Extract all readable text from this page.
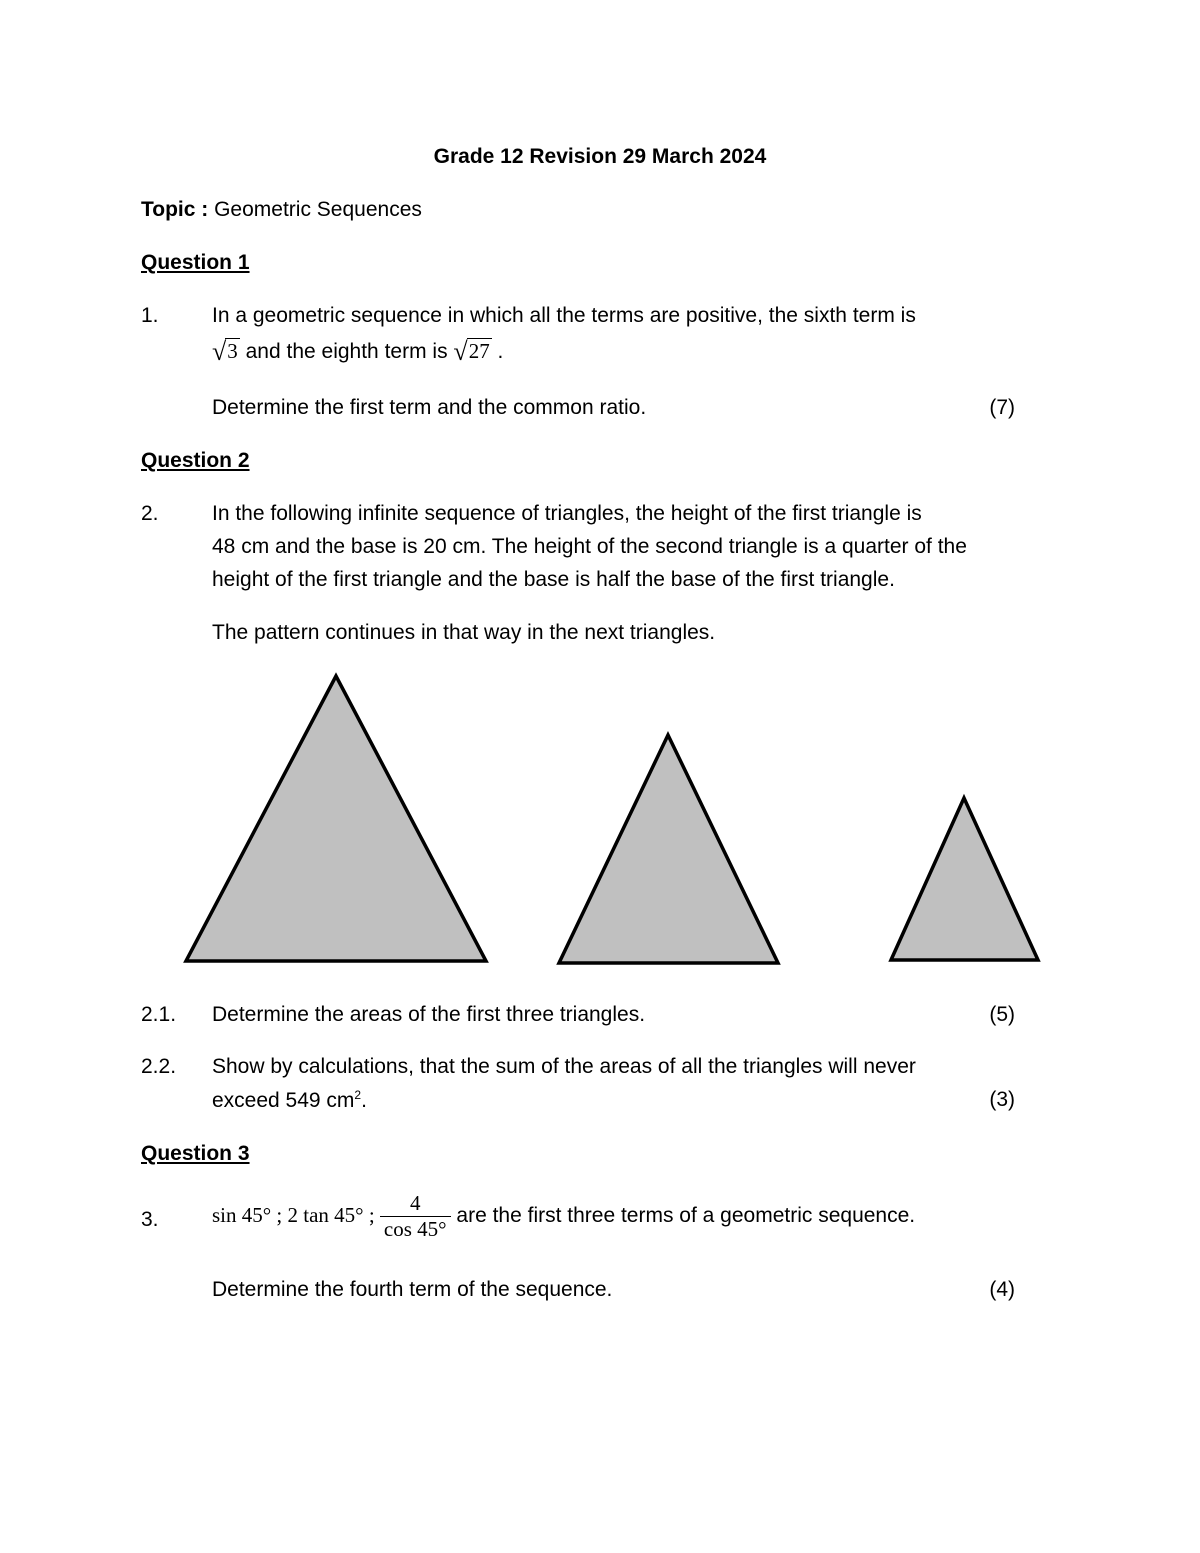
Grade 12 Revision 29 March 2024
Topic : Geometric Sequences
Question 1
1.	In a geometric sequence in which all the terms are positive, the sixth term is
√3 and the eighth term is √27 .
Determine the first term and the common ratio.	(7)
Question 2
2.	In the following infinite sequence of triangles, the height of the first triangle is
48 cm and the base is 20 cm. The height of the second triangle is a quarter of the
height of the first triangle and the base is half the base of the first triangle.
The pattern continues in that way in the next triangles.
2.1. Determine the areas of the first three triangles.	(5)
2.2. Show by calculations, that the sum of the areas of all the triangles will never
exceed 549 $cm^2$.	(3)
Question 3
3.	sin 45° ; 2 tan 45° ; $\frac{4}{\cos 45^\circ}$ are the first three terms of a geometric sequence.
Determine the fourth term of the sequence.	(4)
